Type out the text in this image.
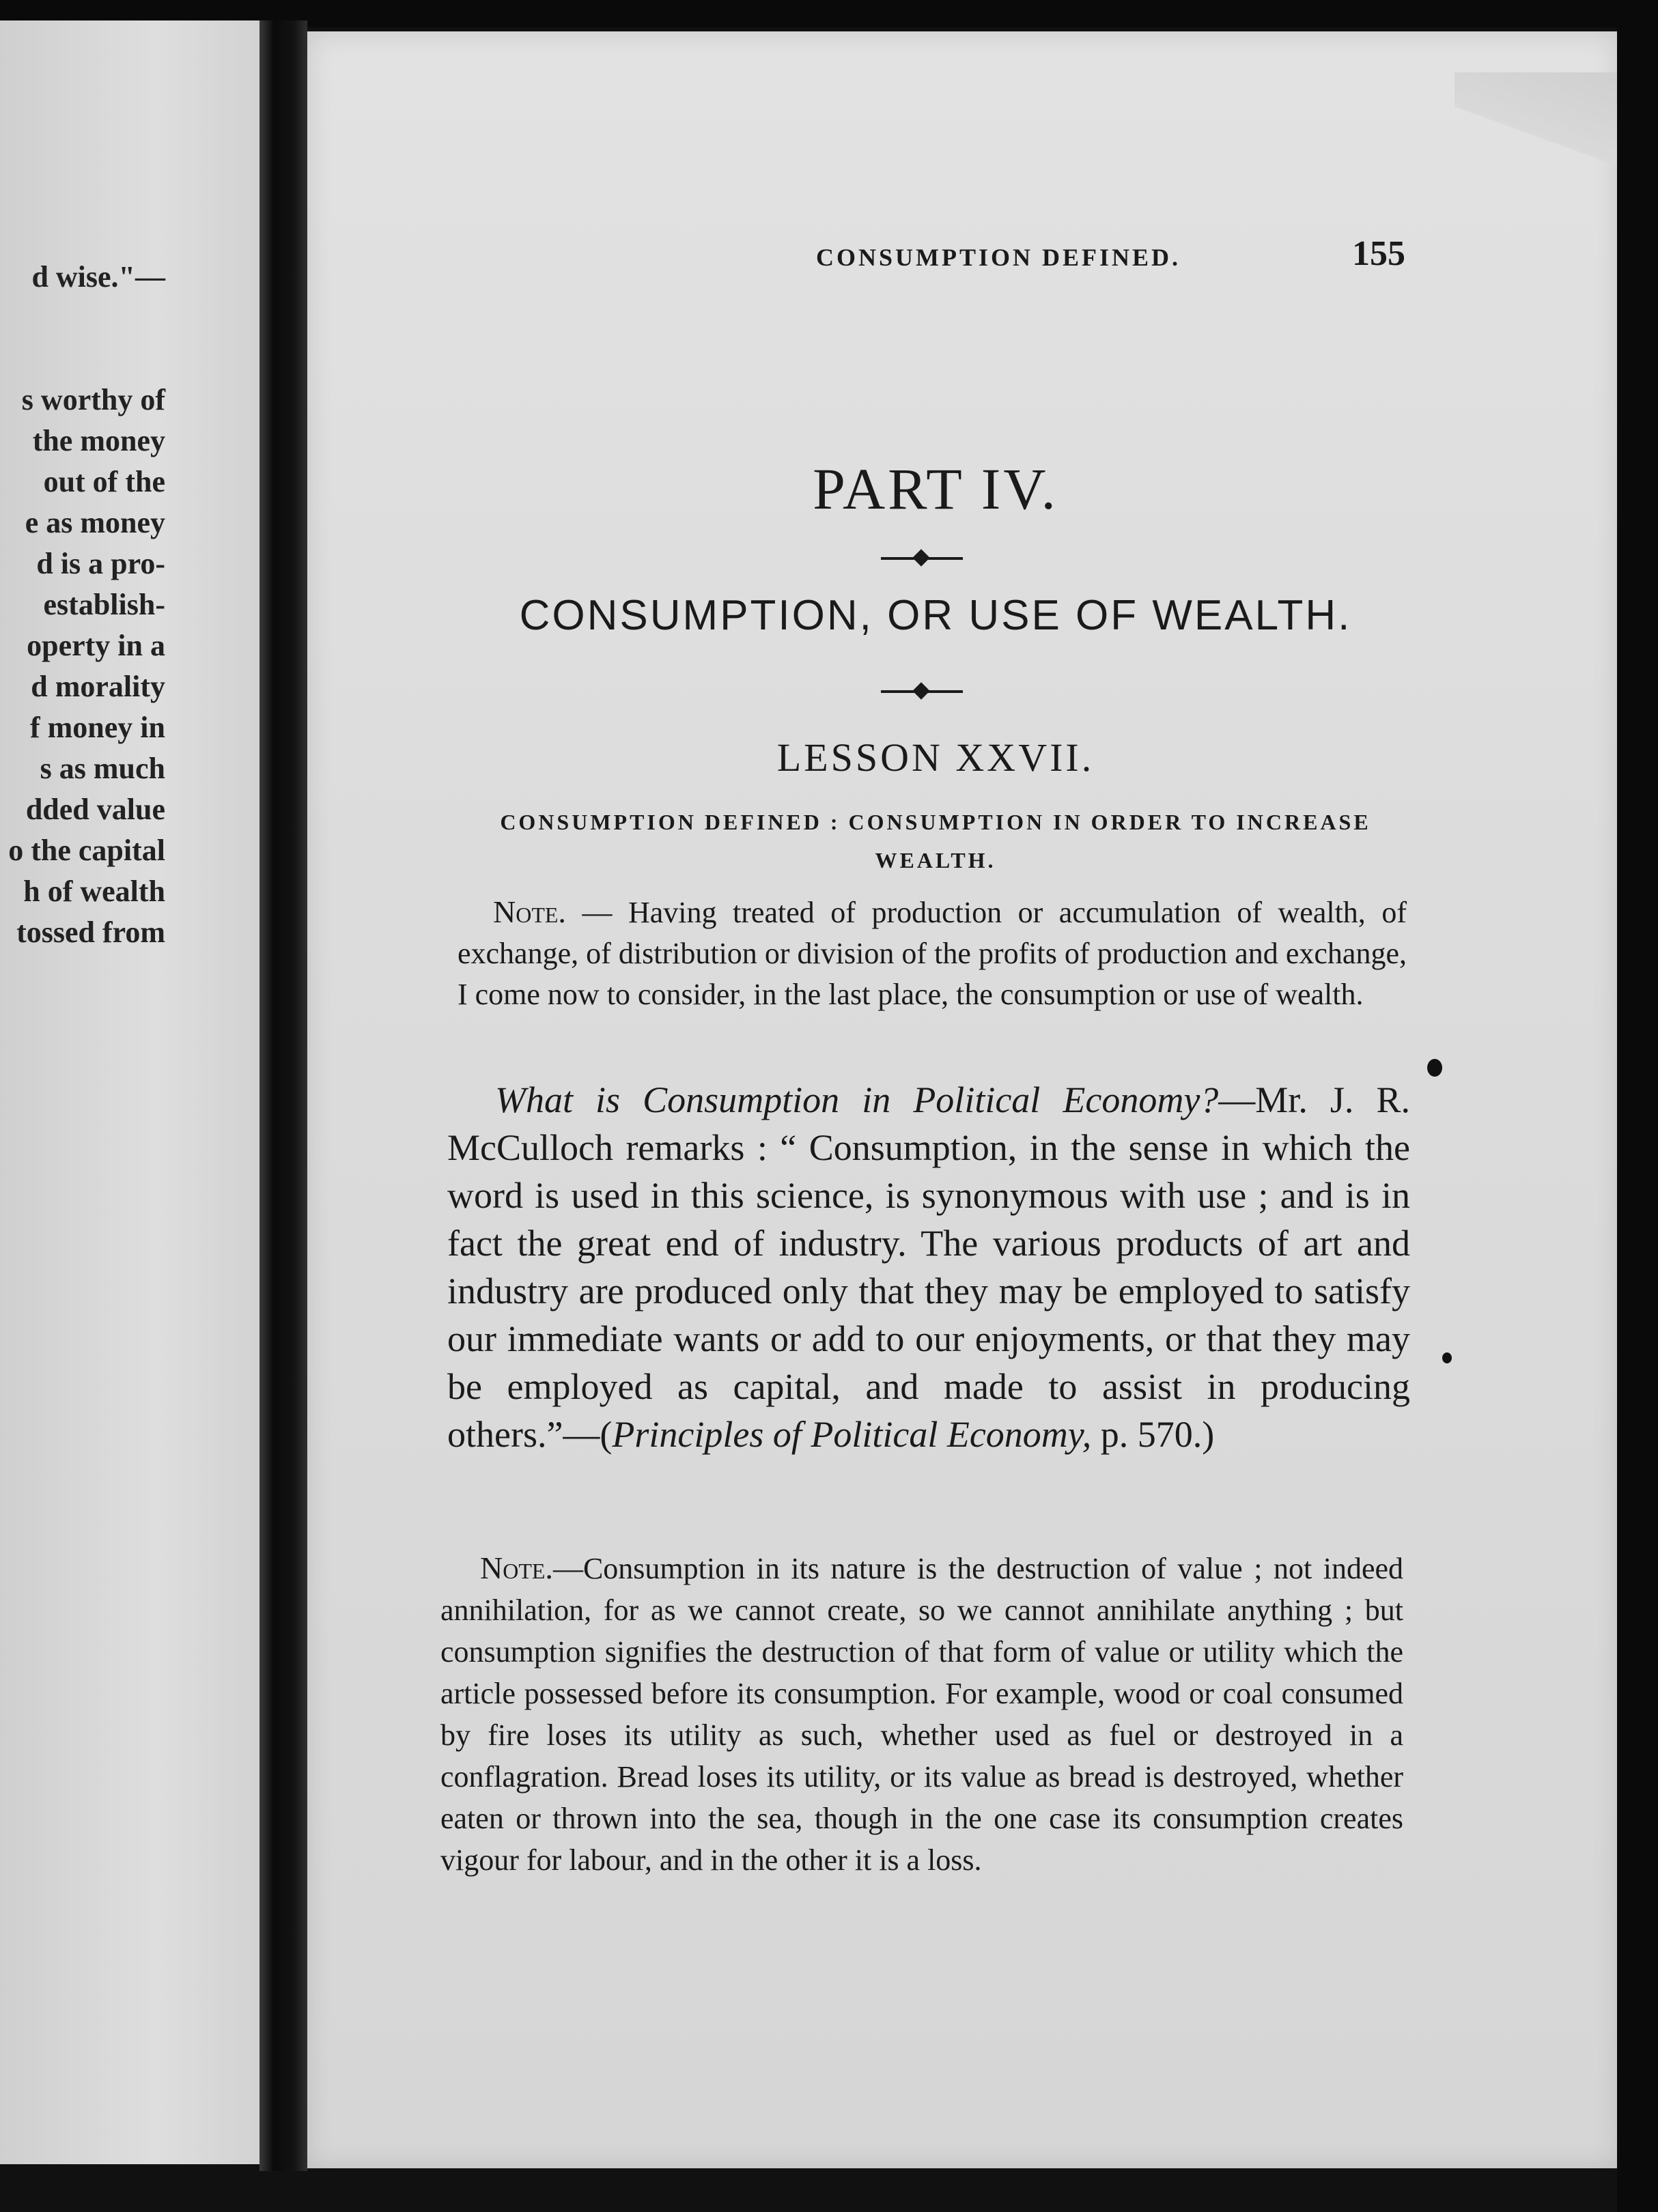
d wise."—
s worthy of
the money
out of the
e as money
d is a pro-
establish-
operty in a
d morality
f money in
s as much
dded value
o the capital
h of wealth
tossed from
CONSUMPTION DEFINED.	155
PART IV.
CONSUMPTION, OR USE OF WEALTH.
LESSON XXVII.
CONSUMPTION DEFINED : CONSUMPTION IN ORDER TO INCREASE WEALTH.

Note. — Having treated of production or accumulation of wealth, of exchange, of distribution or division of the profits of production and exchange, I come now to consider, in the last place, the consumption or use of wealth.

What is Consumption in Political Economy?—Mr. J. R. McCulloch remarks : “ Consumption, in the sense in which the word is used in this science, is synonymous with use ; and is in fact the great end of industry. The various products of art and industry are produced only that they may be employed to satisfy our immediate wants or add to our enjoyments, or that they may be employed as capital, and made to assist in producing others.”—(Principles of Political Economy, p. 570.)

Note.—Consumption in its nature is the destruction of value ; not indeed annihilation, for as we cannot create, so we cannot annihilate anything ; but consumption signifies the destruction of that form of value or utility which the article possessed before its consumption. For example, wood or coal consumed by fire loses its utility as such, whether used as fuel or destroyed in a conflagration. Bread loses its utility, or its value as bread is destroyed, whether eaten or thrown into the sea, though in the one case its consumption creates vigour for labour, and in the other it is a loss.
